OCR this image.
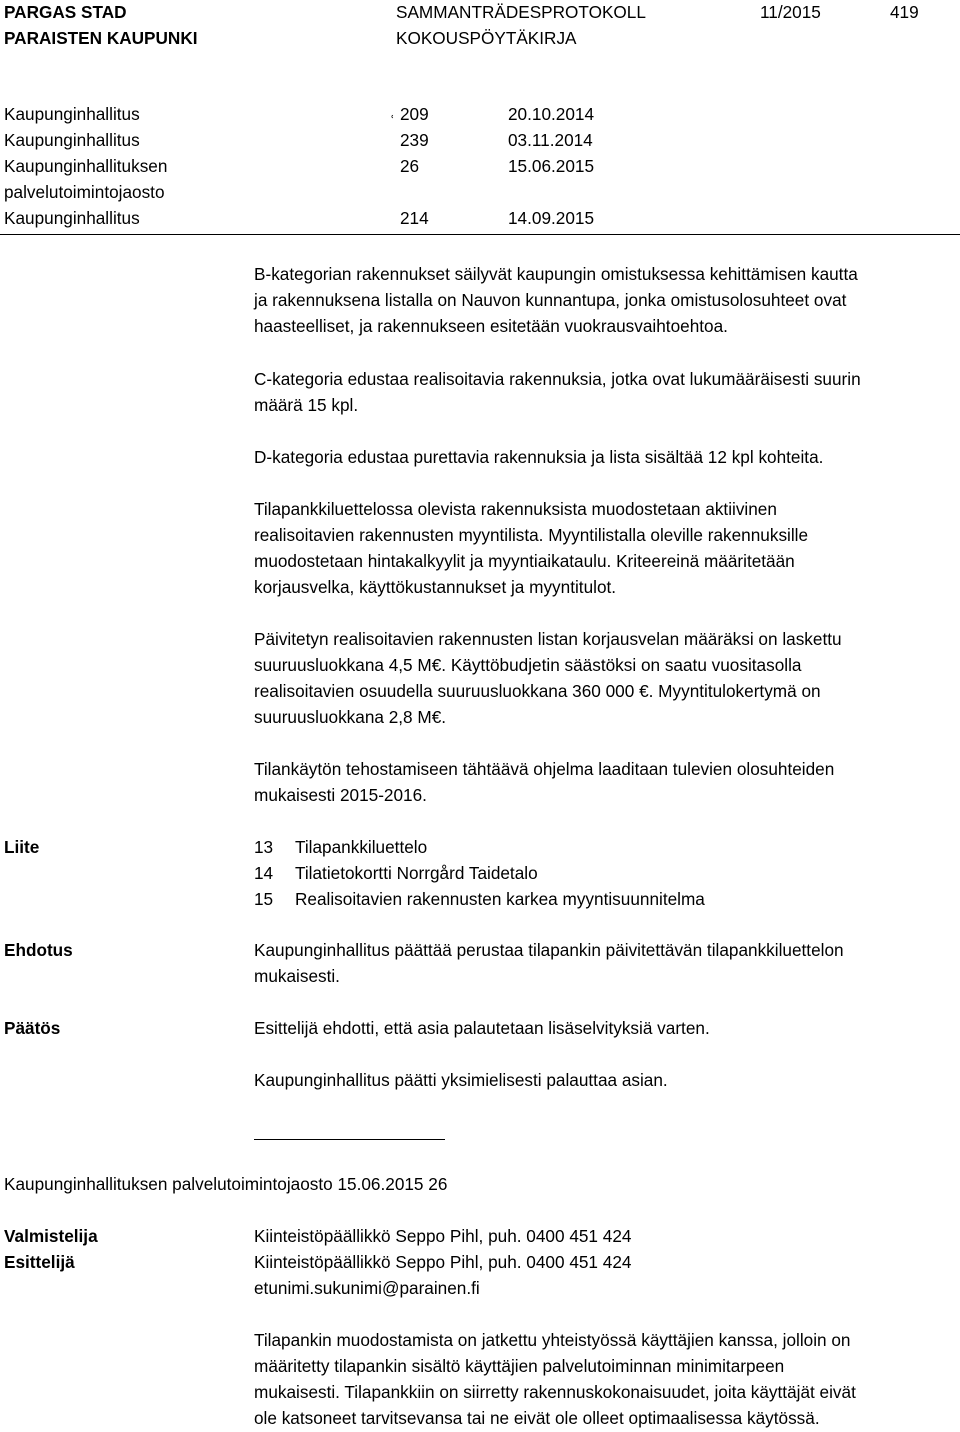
PARGAS STAD
PARAISTEN KAUPUNKI
SAMMANTRÄDESPROTOKOLL
KOKOUSPÖYTÄKIRJA
11/2015	419
Kaupunginhallitus	 ˓ 209	20.10.2014
Kaupunginhallitus	239	03.11.2014
Kaupunginhallituksen	26	15.06.2015
palvelutoimintojaosto
Kaupunginhallitus	214	14.09.2015
B-kategorian rakennukset säilyvät kaupungin omistuksessa kehittämisen kautta
ja rakennuksena listalla on Nauvon kunnantupa, jonka omistusolosuhteet ovat
haasteelliset, ja rakennukseen esitetään vuokrausvaihtoehtoa.
C-kategoria edustaa realisoitavia rakennuksia, jotka ovat lukumääräisesti suurin
määrä 15 kpl.
D-kategoria edustaa purettavia rakennuksia ja lista sisältää 12 kpl kohteita.
Tilapankkiluettelossa olevista rakennuksista muodostetaan aktiivinen
realisoitavien rakennusten myyntilista. Myyntilistalla oleville rakennuksille
muodostetaan hintakalkyylit ja myyntiaikataulu. Kriteereinä määritetään
korjausvelka, käyttökustannukset ja myyntitulot.
Päivitetyn realisoitavien rakennusten listan korjausvelan määräksi on laskettu
suuruusluokkana 4,5 M€. Käyttöbudjetin säästöksi on saatu vuositasolla
realisoitavien osuudella suuruusluokkana 360 000 €. Myyntitulokertymä on
suuruusluokkana 2,8 M€.
Tilankäytön tehostamiseen tähtäävä ohjelma laaditaan tulevien olosuhteiden
mukaisesti 2015-2016.
Liite	13 Tilapankkiluettelo
14 Tilatietokortti Norrgård Taidetalo
15 Realisoitavien rakennusten karkea myyntisuunnitelma
Ehdotus	Kaupunginhallitus päättää perustaa tilapankin päivitettävän tilapankkiluettelon
mukaisesti.
Päätös	Esittelijä ehdotti, että asia palautetaan lisäselvityksiä varten.
Kaupunginhallitus päätti yksimielisesti palauttaa asian.
Kaupunginhallituksen palvelutoimintojaosto 15.06.2015 26
Valmistelija	Kiinteistöpäällikkö Seppo Pihl, puh. 0400 451 424
Esittelijä	Kiinteistöpäällikkö Seppo Pihl, puh. 0400 451 424
etunimi.sukunimi@parainen.fi
Tilapankin muodostamista on jatkettu yhteistyössä käyttäjien kanssa, jolloin on
määritetty tilapankin sisältö käyttäjien palvelutoiminnan minimitarpeen
mukaisesti. Tilapankkiin on siirretty rakennuskokonaisuudet, joita käyttäjät eivät
ole katsoneet tarvitsevansa tai ne eivät ole olleet optimaalisessa käytössä.
